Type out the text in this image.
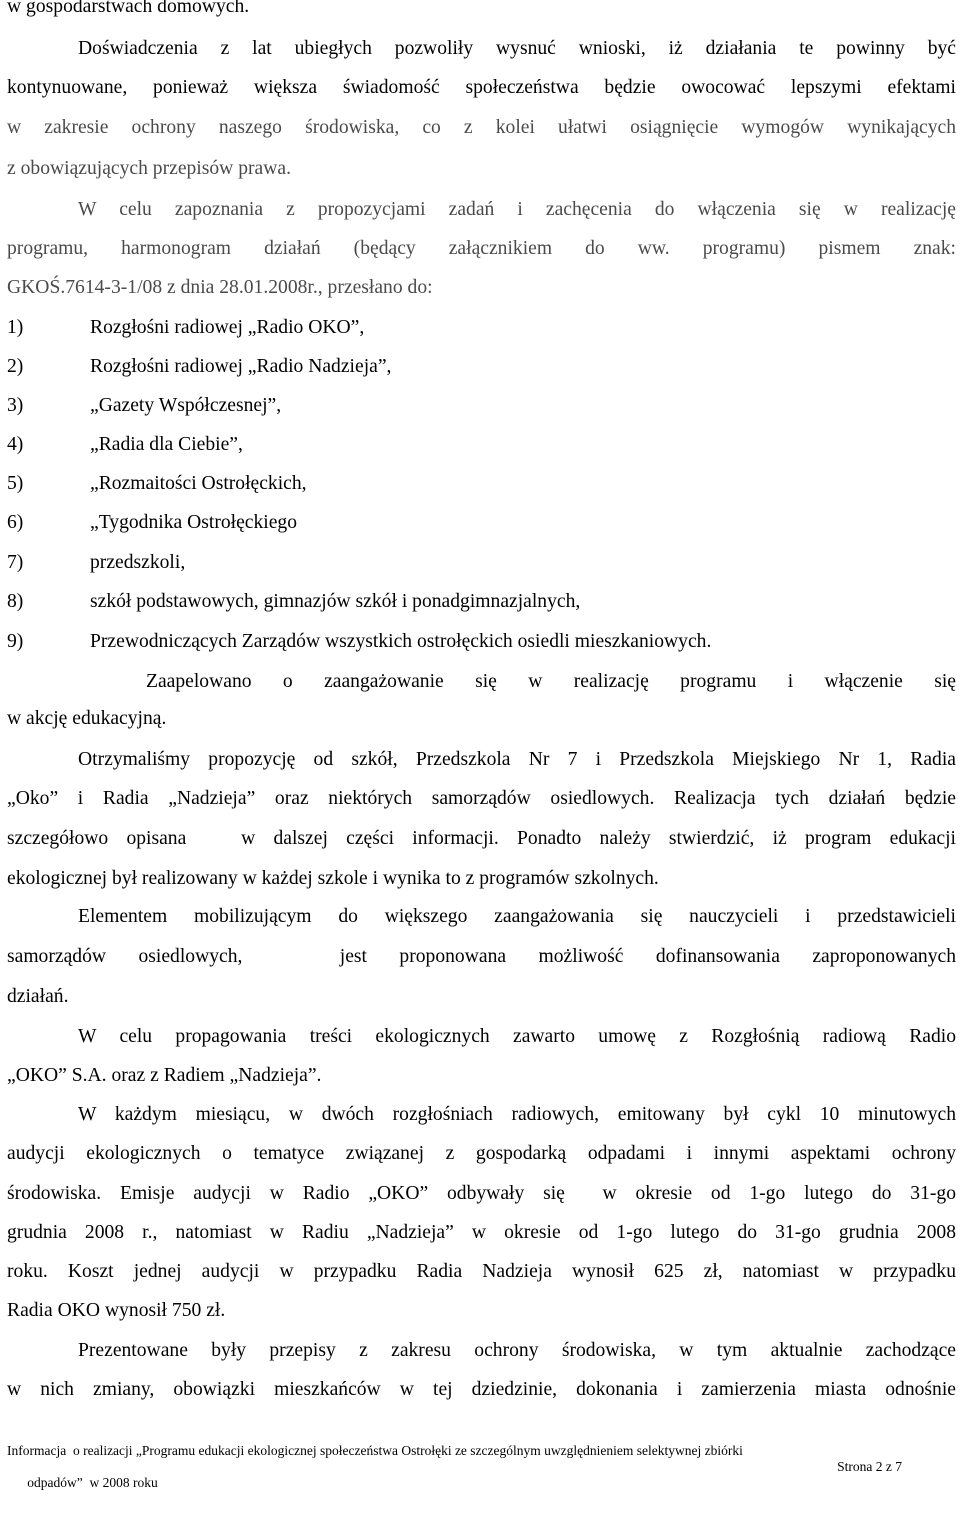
w gospodarstwach domowych.
Doświadczenia z lat ubiegłych pozwoliły wysnuć wnioski, iż działania te powinny być
kontynuowane, ponieważ większa świadomość społeczeństwa będzie owocować lepszymi efektami
w zakresie ochrony naszego środowiska, co z kolei ułatwi osiągnięcie wymogów wynikających
z obowiązujących przepisów prawa.
W celu zapoznania z propozycjami zadań i zachęcenia do włączenia się w realizację
programu, harmonogram działań (będący załącznikiem do ww. programu) pismem znak:
GKOŚ.7614-3-1/08 z dnia 28.01.2008r., przesłano do:
1)	Rozgłośni radiowej „Radio OKO”,
2)	Rozgłośni radiowej „Radio Nadzieja”,
3)	„Gazety Współczesnej”,
4)	„Radia dla Ciebie”,
5)	„Rozmaitości Ostrołęckich,
6)	„Tygodnika Ostrołęckiego
7)	przedszkoli,
8)	szkół podstawowych, gimnazjów szkół i ponadgimnazjalnych,
9)	Przewodniczących Zarządów wszystkich ostrołęckich osiedli mieszkaniowych.
Zaapelowano o zaangażowanie się w realizację programu i włączenie się
w akcję edukacyjną.
Otrzymaliśmy propozycję od szkół, Przedszkola Nr 7 i Przedszkola Miejskiego Nr 1, Radia
„Oko” i Radia „Nadzieja” oraz niektórych samorządów osiedlowych. Realizacja tych działań będzie
szczegółowo opisana   w dalszej części informacji. Ponadto należy stwierdzić, iż program edukacji
ekologicznej był realizowany w każdej szkole i wynika to z programów szkolnych.
Elementem mobilizującym do większego zaangażowania się nauczycieli i przedstawicieli
samorządów osiedlowych,   jest proponowana możliwość dofinansowania zaproponowanych
działań.
W celu propagowania treści ekologicznych zawarto umowę z Rozgłośnią radiową Radio
„OKO” S.A. oraz z Radiem „Nadzieja”.
W każdym miesiącu, w dwóch rozgłośniach radiowych, emitowany był cykl 10 minutowych
audycji ekologicznych o tematyce związanej z gospodarką odpadami i innymi aspektami ochrony
środowiska. Emisje audycji w Radio „OKO” odbywały się  w okresie od 1-go lutego do 31-go
grudnia 2008 r., natomiast w Radiu „Nadzieja” w okresie od 1-go lutego do 31-go grudnia 2008
roku. Koszt jednej audycji w przypadku Radia Nadzieja wynosił 625 zł, natomiast w przypadku
Radia OKO wynosił 750 zł.
Prezentowane były przepisy z zakresu ochrony środowiska, w tym aktualnie zachodzące
w nich zmiany, obowiązki mieszkańców w tej dziedzinie, dokonania i zamierzenia miasta odnośnie
Informacja  o realizacji „Programu edukacji ekologicznej społeczeństwa Ostrołęki ze szczególnym uwzględnieniem selektywnej zbiórki

odpadów”  w 2008 roku

Strona 2 z 7
